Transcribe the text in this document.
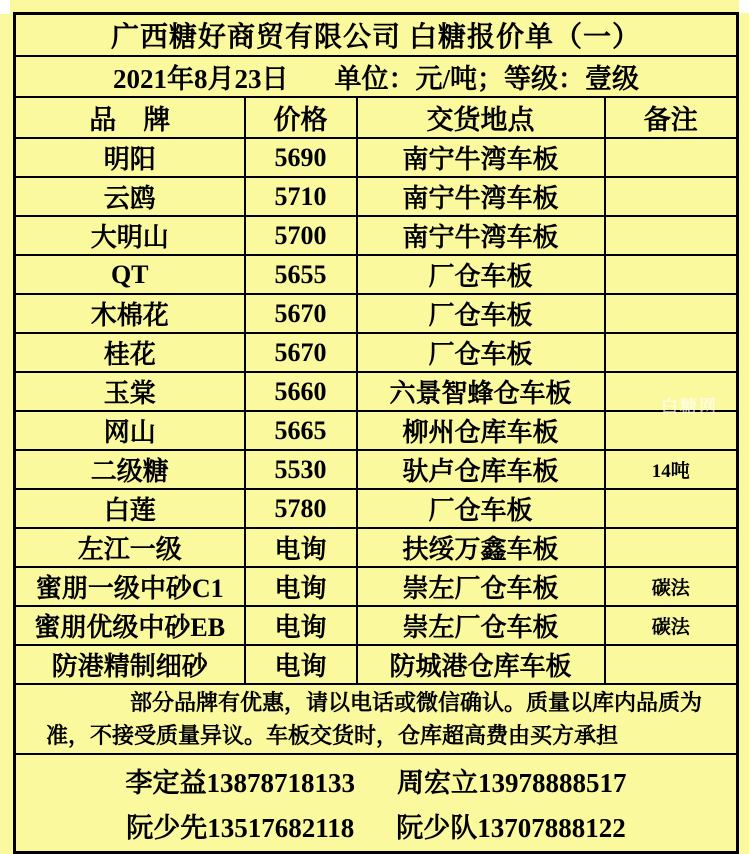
广西糖好商贸有限公司 白糖报价单（一）			

2021年8月23日 单位：元/吨；等级：壹级			

品　牌	价格	交货地点	备注
明阳	5690	南宁牛湾车板	
云鸥	5710	南宁牛湾车板	
大明山	5700	南宁牛湾车板	
QT	5655	厂仓车板	
木棉花	5670	厂仓车板	
桂花	5670	厂仓车板	
玉棠	5660	六景智蜂仓车板	
网山	5665	柳州仓库车板	
二级糖	5530	驮卢仓库车板	14吨
白莲	5780	厂仓车板	
左江一级	电询	扶绥万鑫车板	
蜜朋一级中砂C1	电询	崇左厂仓车板	碳法
蜜朋优级中砂EB	电询	崇左厂仓车板	碳法
防港精制细砂	电询	防城港仓库车板	

部分品牌有优惠，请以电话或微信确认。质量以库内品质为
准，不接受质量异议。车板交货时，仓库超高费由买方承担			

李定益 13878718133 周宏立 13978888517
阮少先 13517682118 阮少队 13707888122
白糖网
